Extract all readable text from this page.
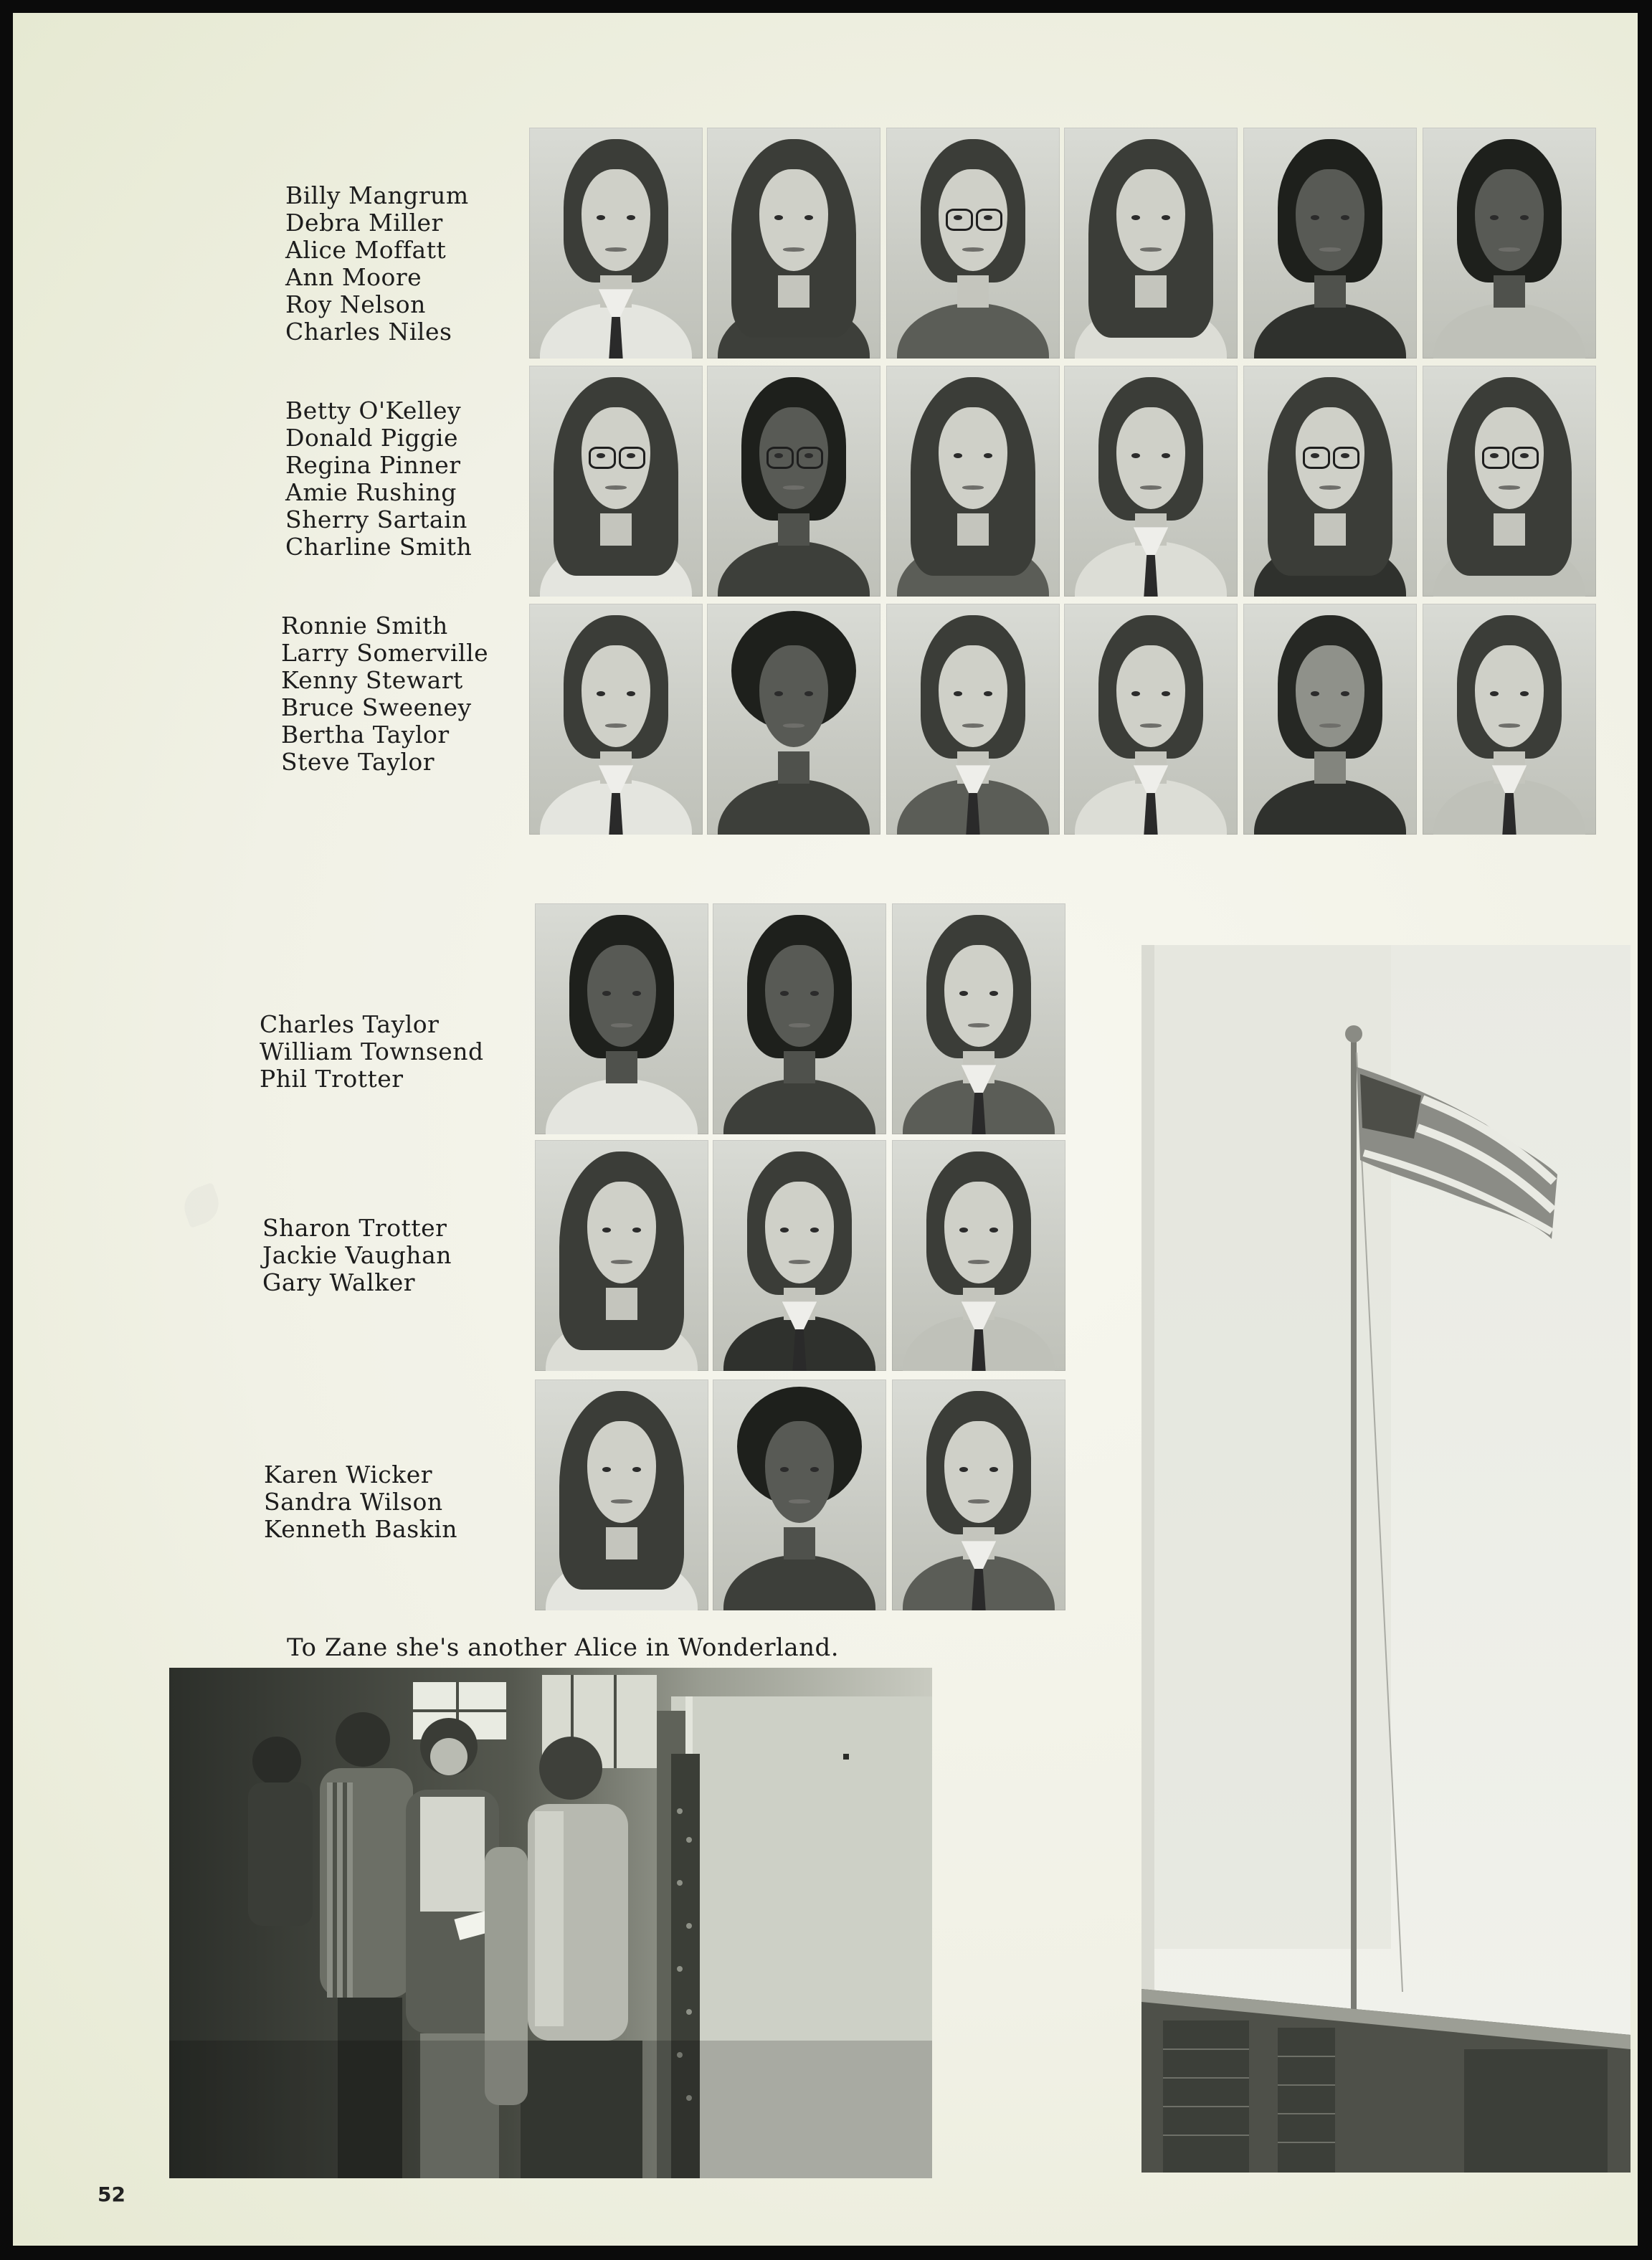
Billy Mangrum
Debra Miller
Alice Moffatt
Ann Moore
Roy Nelson
Charles Niles
Betty O'Kelley
Donald Piggie
Regina Pinner
Amie Rushing
Sherry Sartain
Charline Smith
Ronnie Smith
Larry Somerville
Kenny Stewart
Bruce Sweeney
Bertha Taylor
Steve Taylor
Charles Taylor
William Townsend
Phil Trotter
Sharon Trotter
Jackie Vaughan
Gary Walker
Karen Wicker
Sandra Wilson
Kenneth Baskin

To Zane she's another Alice in Wonderland.

52
